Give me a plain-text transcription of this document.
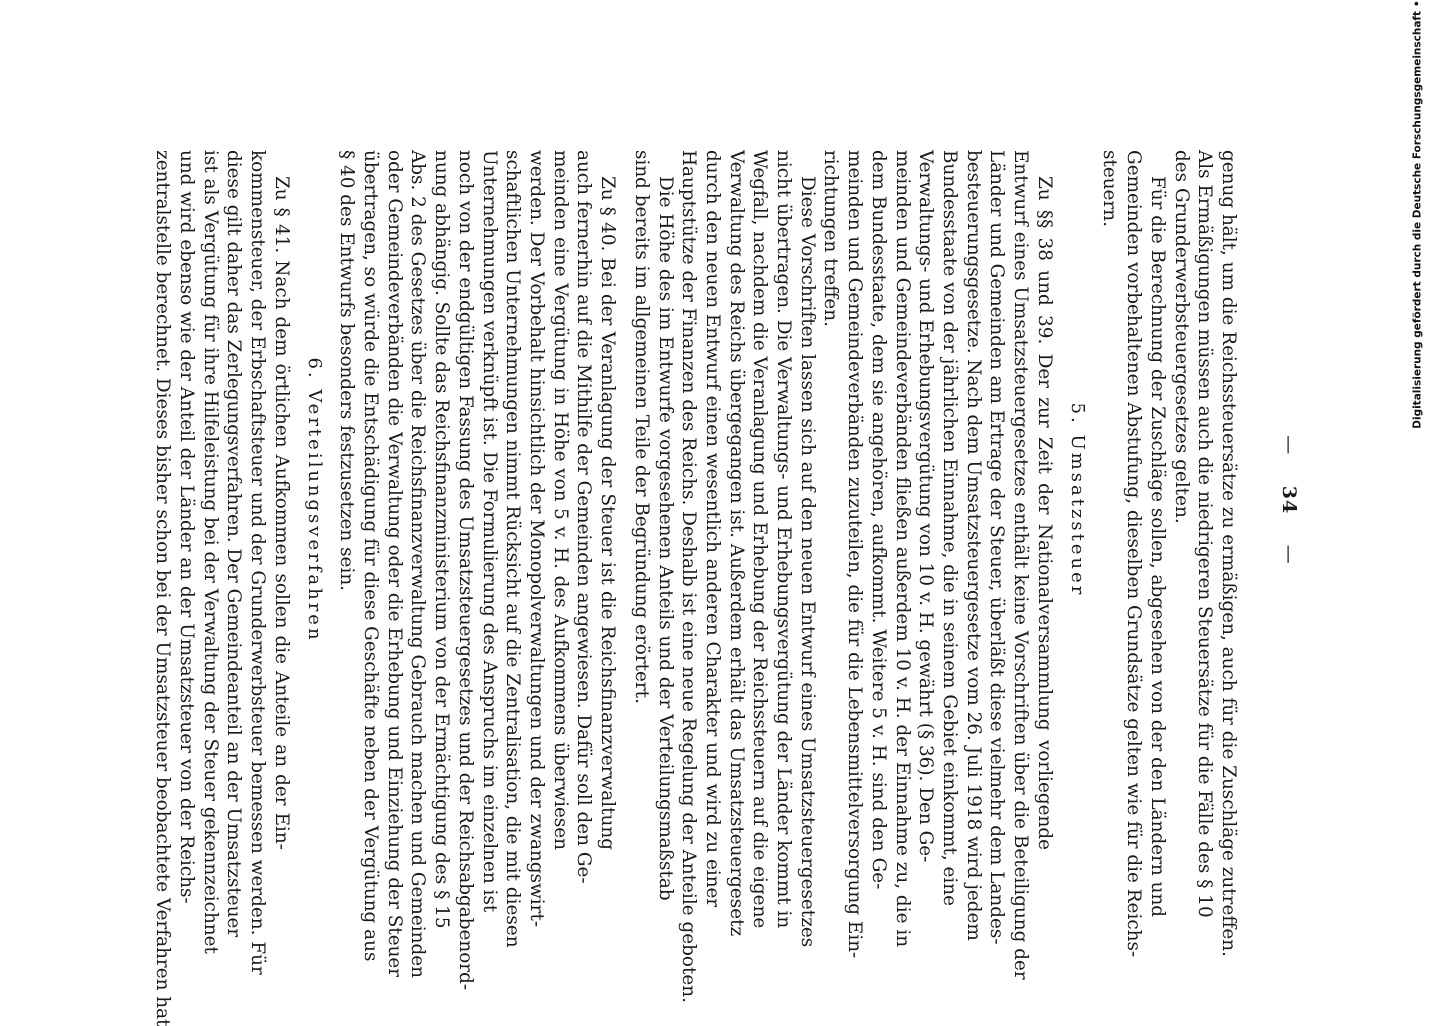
Digitalisierung gefördert durch die Deutsche Forschungsgemeinschaft
•
—    34    —
genug hält, um die Reichssteuersätze zu ermäßigen, auch für die Zuschläge zutreffen.
Als Ermäßigungen müssen auch die niedrigeren Steuersätze für die Fälle des § 10
des Grunderwerbsteuergesetzes gelten.
Für die Berechnung der Zuschläge sollen, abgesehen von der den Ländern und
Gemeinden vorbehaltenen Abstufung, dieselben Grundsätze gelten wie für die Reichs-
steuern.
5. Umsatzsteuer
Zu §§ 38 und 39. Der zur Zeit der Nationalversammlung vorliegende
Entwurf eines Umsatzsteuergesetzes enthält keine Vorschriften über die Beteiligung der
Länder und Gemeinden am Ertrage der Steuer, überläßt diese vielmehr dem Landes-
besteuerungsgesetze. Nach dem Umsatzsteuergesetze vom 26. Juli 1918 wird jedem
Bundesstaate von der jährlichen Einnahme, die in seinem Gebiet einkommt, eine
Verwaltungs- und Erhebungsvergütung von 10 v. H. gewährt (§ 36). Den Ge-
meinden und Gemeindeverbänden fließen außerdem 10 v. H. der Einnahme zu, die in
dem Bundesstaate, dem sie angehören, aufkommt. Weitere 5 v. H. sind den Ge-
meinden und Gemeindeverbänden zuzuteilen, die für die Lebensmittelversorgung Ein-
richtungen treffen.
Diese Vorschriften lassen sich auf den neuen Entwurf eines Umsatzsteuergesetzes
nicht übertragen. Die Verwaltungs- und Erhebungsvergütung der Länder kommt in
Wegfall, nachdem die Veranlagung und Erhebung der Reichssteuern auf die eigene
Verwaltung des Reichs übergegangen ist. Außerdem erhält das Umsatzsteuergesetz
durch den neuen Entwurf einen wesentlich anderen Charakter und wird zu einer
Hauptstütze der Finanzen des Reichs. Deshalb ist eine neue Regelung der Anteile geboten.
Die Höhe des im Entwurfe vorgesehenen Anteils und der Verteilungsmaßstab
sind bereits im allgemeinen Teile der Begründung erörtert.
Zu § 40. Bei der Veranlagung der Steuer ist die Reichsfinanzverwaltung
auch fernerhin auf die Mithilfe der Gemeinden angewiesen. Dafür soll den Ge-
meinden eine Vergütung in Höhe von 5 v. H. des Aufkommens überwiesen
werden. Der Vorbehalt hinsichtlich der Monopolverwaltungen und der zwangswirt-
schaftlichen Unternehmungen nimmt Rücksicht auf die Zentralisation, die mit diesen
Unternehmungen verknüpft ist. Die Formulierung des Anspruchs im einzelnen ist
noch von der endgültigen Fassung des Umsatzsteuergesetzes und der Reichsabgabenord-
nung abhängig. Sollte das Reichsfinanzministerium von der Ermächtigung des § 15
Abs. 2 des Gesetzes über die Reichsfinanzverwaltung Gebrauch machen und Gemeinden
oder Gemeindeverbänden die Verwaltung oder die Erhebung und Einziehung der Steuer
übertragen, so würde die Entschädigung für diese Geschäfte neben der Vergütung aus
§ 40 des Entwurfs besonders festzusetzen sein.
6. Verteilungsverfahren
Zu § 41. Nach dem örtlichen Aufkommen sollen die Anteile an der Ein-
kommensteuer, der Erbschaftsteuer und der Grunderwerbsteuer bemessen werden. Für
diese gilt daher das Zerlegungsverfahren. Der Gemeindeanteil an der Umsatzsteuer
ist als Vergütung für ihre Hilfeleistung bei der Verwaltung der Steuer gekennzeichnet
und wird ebenso wie der Anteil der Länder an der Umsatzsteuer von der Reichs-
zentralstelle berechnet. Dieses bisher schon bei der Umsatzsteuer beobachtete Verfahren hat
